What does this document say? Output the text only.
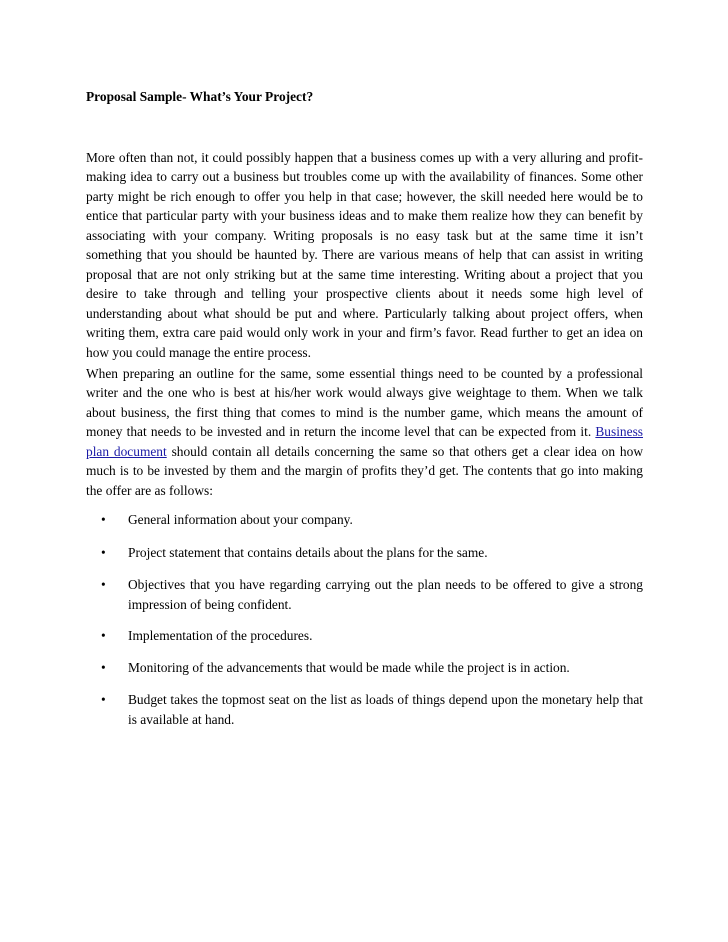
Proposal Sample- What’s Your Project?

More often than not, it could possibly happen that a business comes up with a very alluring and profit-making idea to carry out a business but troubles come up with the availability of finances. Some other party might be rich enough to offer you help in that case; however, the skill needed here would be to entice that particular party with your business ideas and to make them realize how they can benefit by associating with your company. Writing proposals is no easy task but at the same time it isn’t something that you should be haunted by. There are various means of help that can assist in writing proposal that are not only striking but at the same time interesting. Writing about a project that you desire to take through and telling your prospective clients about it needs some high level of understanding about what should be put and where. Particularly talking about project offers, when writing them, extra care paid would only work in your and firm’s favor. Read further to get an idea on how you could manage the entire process.

When preparing an outline for the same, some essential things need to be counted by a professional writer and the one who is best at his/her work would always give weightage to them. When we talk about business, the first thing that comes to mind is the number game, which means the amount of money that needs to be invested and in return the income level that can be expected from it. Business plan document should contain all details concerning the same so that others get a clear idea on how much is to be invested by them and the margin of profits they’d get. The contents that go into making the offer are as follows:

• General information about your company.
• Project statement that contains details about the plans for the same.
• Objectives that you have regarding carrying out the plan needs to be offered to give a strong impression of being confident.
• Implementation of the procedures.
• Monitoring of the advancements that would be made while the project is in action.
• Budget takes the topmost seat on the list as loads of things depend upon the monetary help that is available at hand.
